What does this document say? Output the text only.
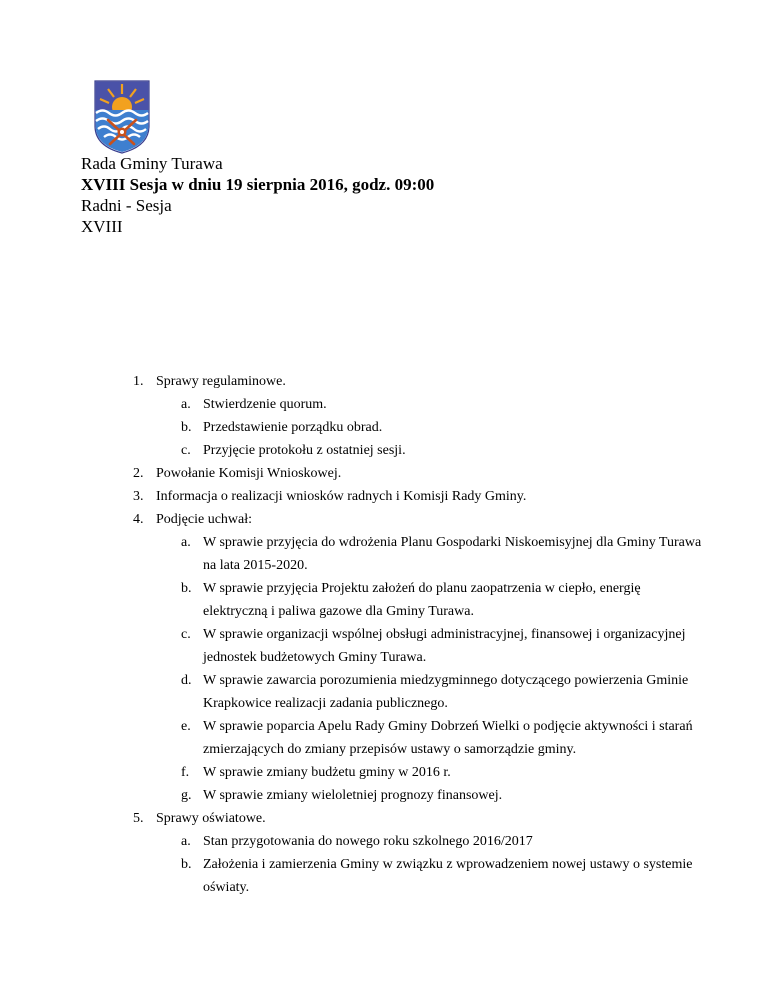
Rada Gminy Turawa
XVIII Sesja w dniu 19 sierpnia 2016, godz. 09:00
Radni - Sesja
XVIII
1. Sprawy regulaminowe.
a. Stwierdzenie quorum.
b. Przedstawienie porządku obrad.
c. Przyjęcie protokołu z ostatniej sesji.
2. Powołanie Komisji Wnioskowej.
3. Informacja o realizacji wniosków radnych i Komisji Rady Gminy.
4. Podjęcie uchwał:
a. W sprawie przyjęcia do wdrożenia Planu Gospodarki Niskoemisyjnej dla Gminy Turawa na lata 2015-2020.
b. W sprawie przyjęcia Projektu założeń do planu zaopatrzenia w ciepło, energię elektryczną i paliwa gazowe dla Gminy Turawa.
c. W sprawie organizacji wspólnej obsługi administracyjnej, finansowej i organizacyjnej jednostek budżetowych Gminy Turawa.
d. W sprawie zawarcia porozumienia miedzygminnego dotyczącego powierzenia Gminie Krapkowice realizacji zadania publicznego.
e. W sprawie poparcia Apelu Rady Gminy Dobrzeń Wielki o podjęcie aktywności i starań zmierzających do zmiany przepisów ustawy o samorządzie gminy.
f. W sprawie zmiany budżetu gminy w 2016 r.
g. W sprawie zmiany wieloletniej prognozy finansowej.
5. Sprawy oświatowe.
a. Stan przygotowania do nowego roku szkolnego 2016/2017
b. Założenia i zamierzenia Gminy w związku z wprowadzeniem nowej ustawy o systemie oświaty.
